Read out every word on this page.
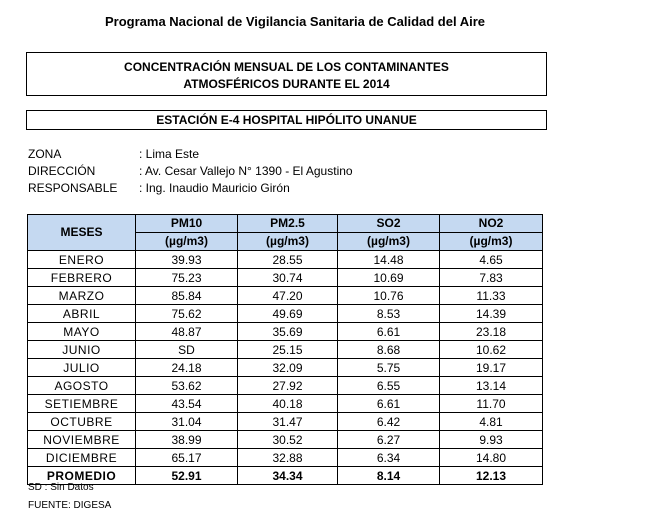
Programa Nacional de Vigilancia Sanitaria de Calidad del Aire
CONCENTRACIÓN MENSUAL DE LOS CONTAMINANTES
ATMOSFÉRICOS DURANTE EL 2014
ESTACIÓN E-4 HOSPITAL HIPÓLITO UNANUE
ZONA	: Lima Este
DIRECCIÓN	: Av. Cesar Vallejo N° 1390 - El Agustino
RESPONSABLE : Ing. Inaudio Mauricio Girón
MESES	PM10	PM2.5	SO2	NO2
	(µg/m3)	(µg/m3)	(µg/m3)	(µg/m3)
ENERO	39.93	28.55	14.48	4.65
FEBRERO	75.23	30.74	10.69	7.83
MARZO	85.84	47.20	10.76	11.33
ABRIL	75.62	49.69	8.53	14.39
MAYO	48.87	35.69	6.61	23.18
JUNIO	SD	25.15	8.68	10.62
JULIO	24.18	32.09	5.75	19.17
AGOSTO	53.62	27.92	6.55	13.14
SETIEMBRE	43.54	40.18	6.61	11.70
OCTUBRE	31.04	31.47	6.42	4.81
NOVIEMBRE	38.99	30.52	6.27	9.93
DICIEMBRE	65.17	32.88	6.34	14.80
PROMEDIO	52.91	34.34	8.14	12.13
SD : Sin Datos
FUENTE: DIGESA
